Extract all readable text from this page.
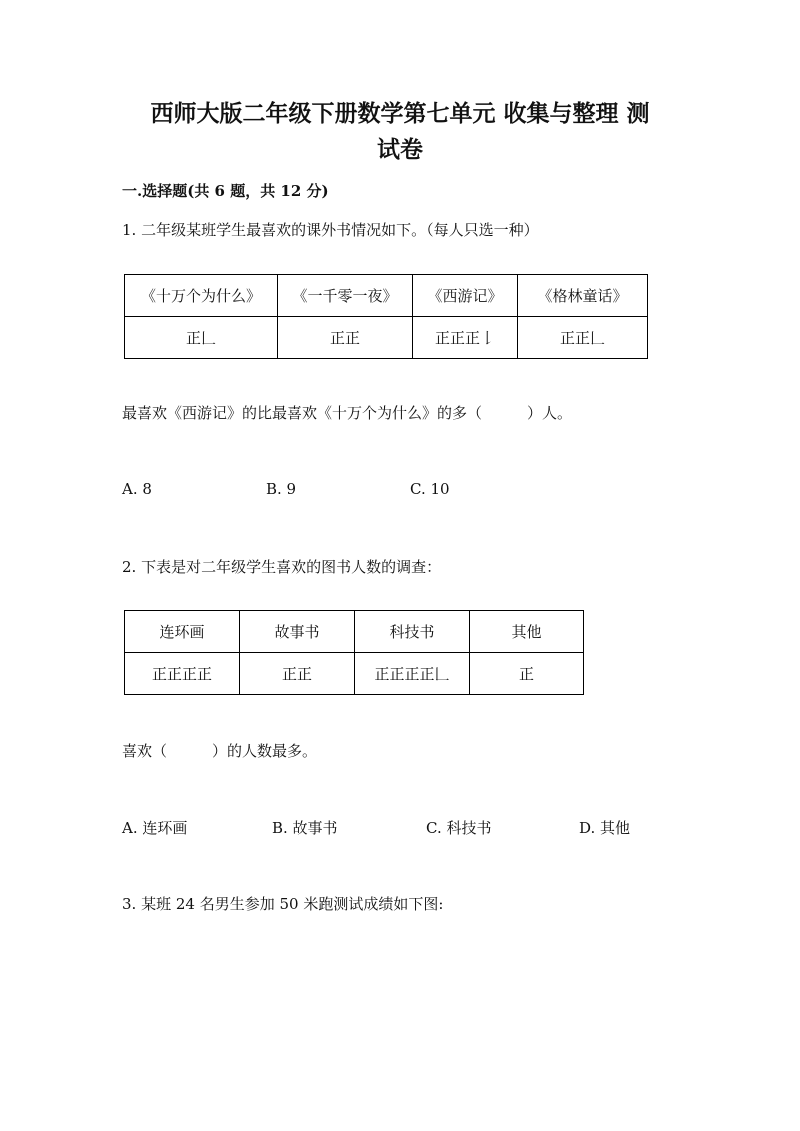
西师大版二年级下册数学第七单元 收集与整理 测
试卷
一.选择题(共 6 题，共 12 分)
1. 二年级某班学生最喜欢的课外书情况如下。（每人只选一种）
《十万个为什么》	《一千零一夜》	《西游记》	《格林童话》
正𠃊	正正	正正正𠄌	正正𠃊
最喜欢《西游记》的比最喜欢《十万个为什么》的多（　　　）人。
A. 8	B. 9	C. 10
2. 下表是对二年级学生喜欢的图书人数的调查：
连环画	故事书	科技书	其他
正正正正	正正	正正正正𠃊	正
喜欢（　　　）的人数最多。
A. 连环画	B. 故事书	C. 科技书	D. 其他
3. 某班 24 名男生参加 50 米跑测试成绩如下图:
